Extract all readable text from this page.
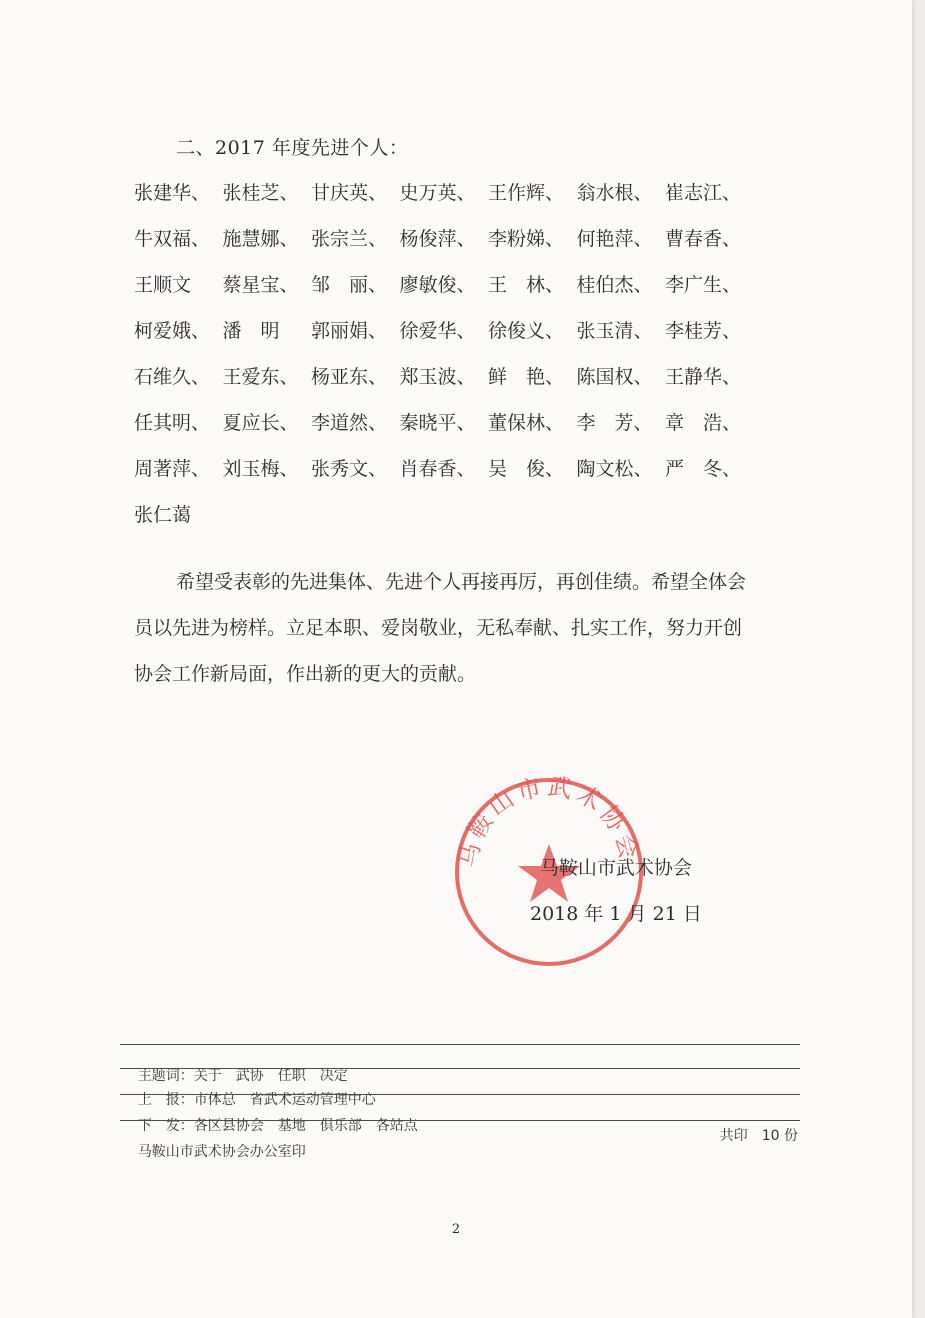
二、2017 年度先进个人：
张建华、 张桂芝、 甘庆英、 史万英、 王作辉、 翁水根、 崔志江、
牛双福、 施慧娜、 张宗兰、 杨俊萍、 李粉娣、 何艳萍、 曹春香、
王顺文	蔡星宝、 邹　丽、 廖敏俊、 王　林、 桂伯杰、 李广生、
柯爱娥、 潘　明	郭丽娟、 徐爱华、 徐俊义、 张玉清、 李桂芳、
石维久、 王爱东、 杨亚东、 郑玉波、 鲜　艳、 陈国权、 王静华、
任其明、 夏应长、 李道然、 秦晓平、 董保林、 李　芳、 章　浩、
周著萍、 刘玉梅、 张秀文、 肖春香、 吴　俊、 陶文松、 严　冬、
张仁蔼
希望受表彰的先进集体、先进个人再接再厉，再创佳绩。希望全体会员以先进为榜样。立足本职、爱岗敬业，无私奉献、扎实工作，努力开创协会工作新局面，作出新的更大的贡献。
马鞍山市武术协会
马鞍山市武术协会
2018 年 1 月 21 日

主题词：关于　武协　任职　决定

上　报：市体总　省武术运动管理中心

下　发：各区县协会　基地　俱乐部　各站点

马鞍山市武术协会办公室印

共印　10 份

2
